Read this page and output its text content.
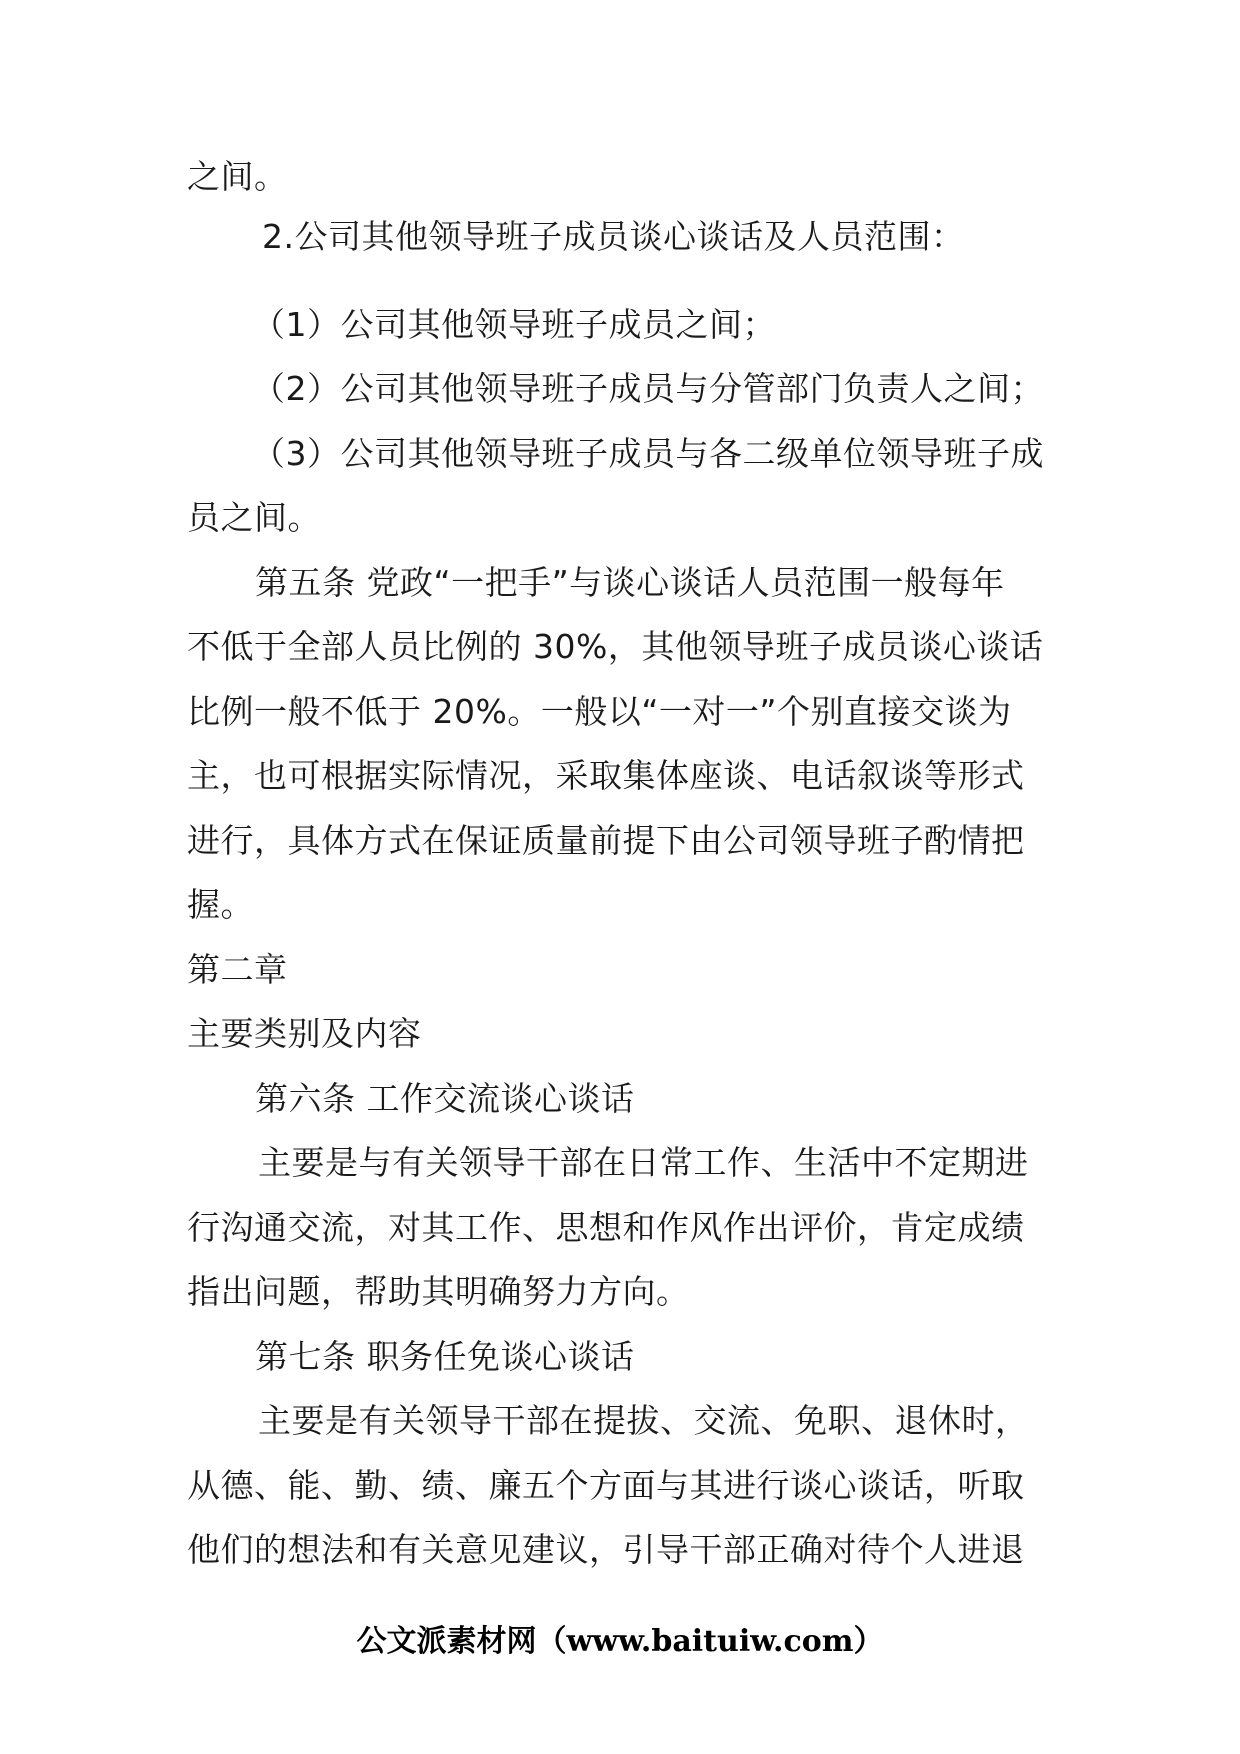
之间。
2.公司其他领导班子成员谈心谈话及人员范围：
（1）公司其他领导班子成员之间；
（2）公司其他领导班子成员与分管部门负责人之间；
（3）公司其他领导班子成员与各二级单位领导班子成
员之间。
第五条 党政“一把手”与谈心谈话人员范围一般每年
不低于全部人员比例的 30%，其他领导班子成员谈心谈话
比例一般不低于 20%。一般以“一对一”个别直接交谈为
主，也可根据实际情况，采取集体座谈、电话叙谈等形式
进行，具体方式在保证质量前提下由公司领导班子酌情把
握。
第二章
主要类别及内容
第六条 工作交流谈心谈话
主要是与有关领导干部在日常工作、生活中不定期进
行沟通交流，对其工作、思想和作风作出评价，肯定成绩
指出问题，帮助其明确努力方向。
第七条 职务任免谈心谈话
主要是有关领导干部在提拔、交流、免职、退休时，
从德、能、勤、绩、廉五个方面与其进行谈心谈话，听取
他们的想法和有关意见建议，引导干部正确对待个人进退
公文派素材网（www.baituiw.com）
